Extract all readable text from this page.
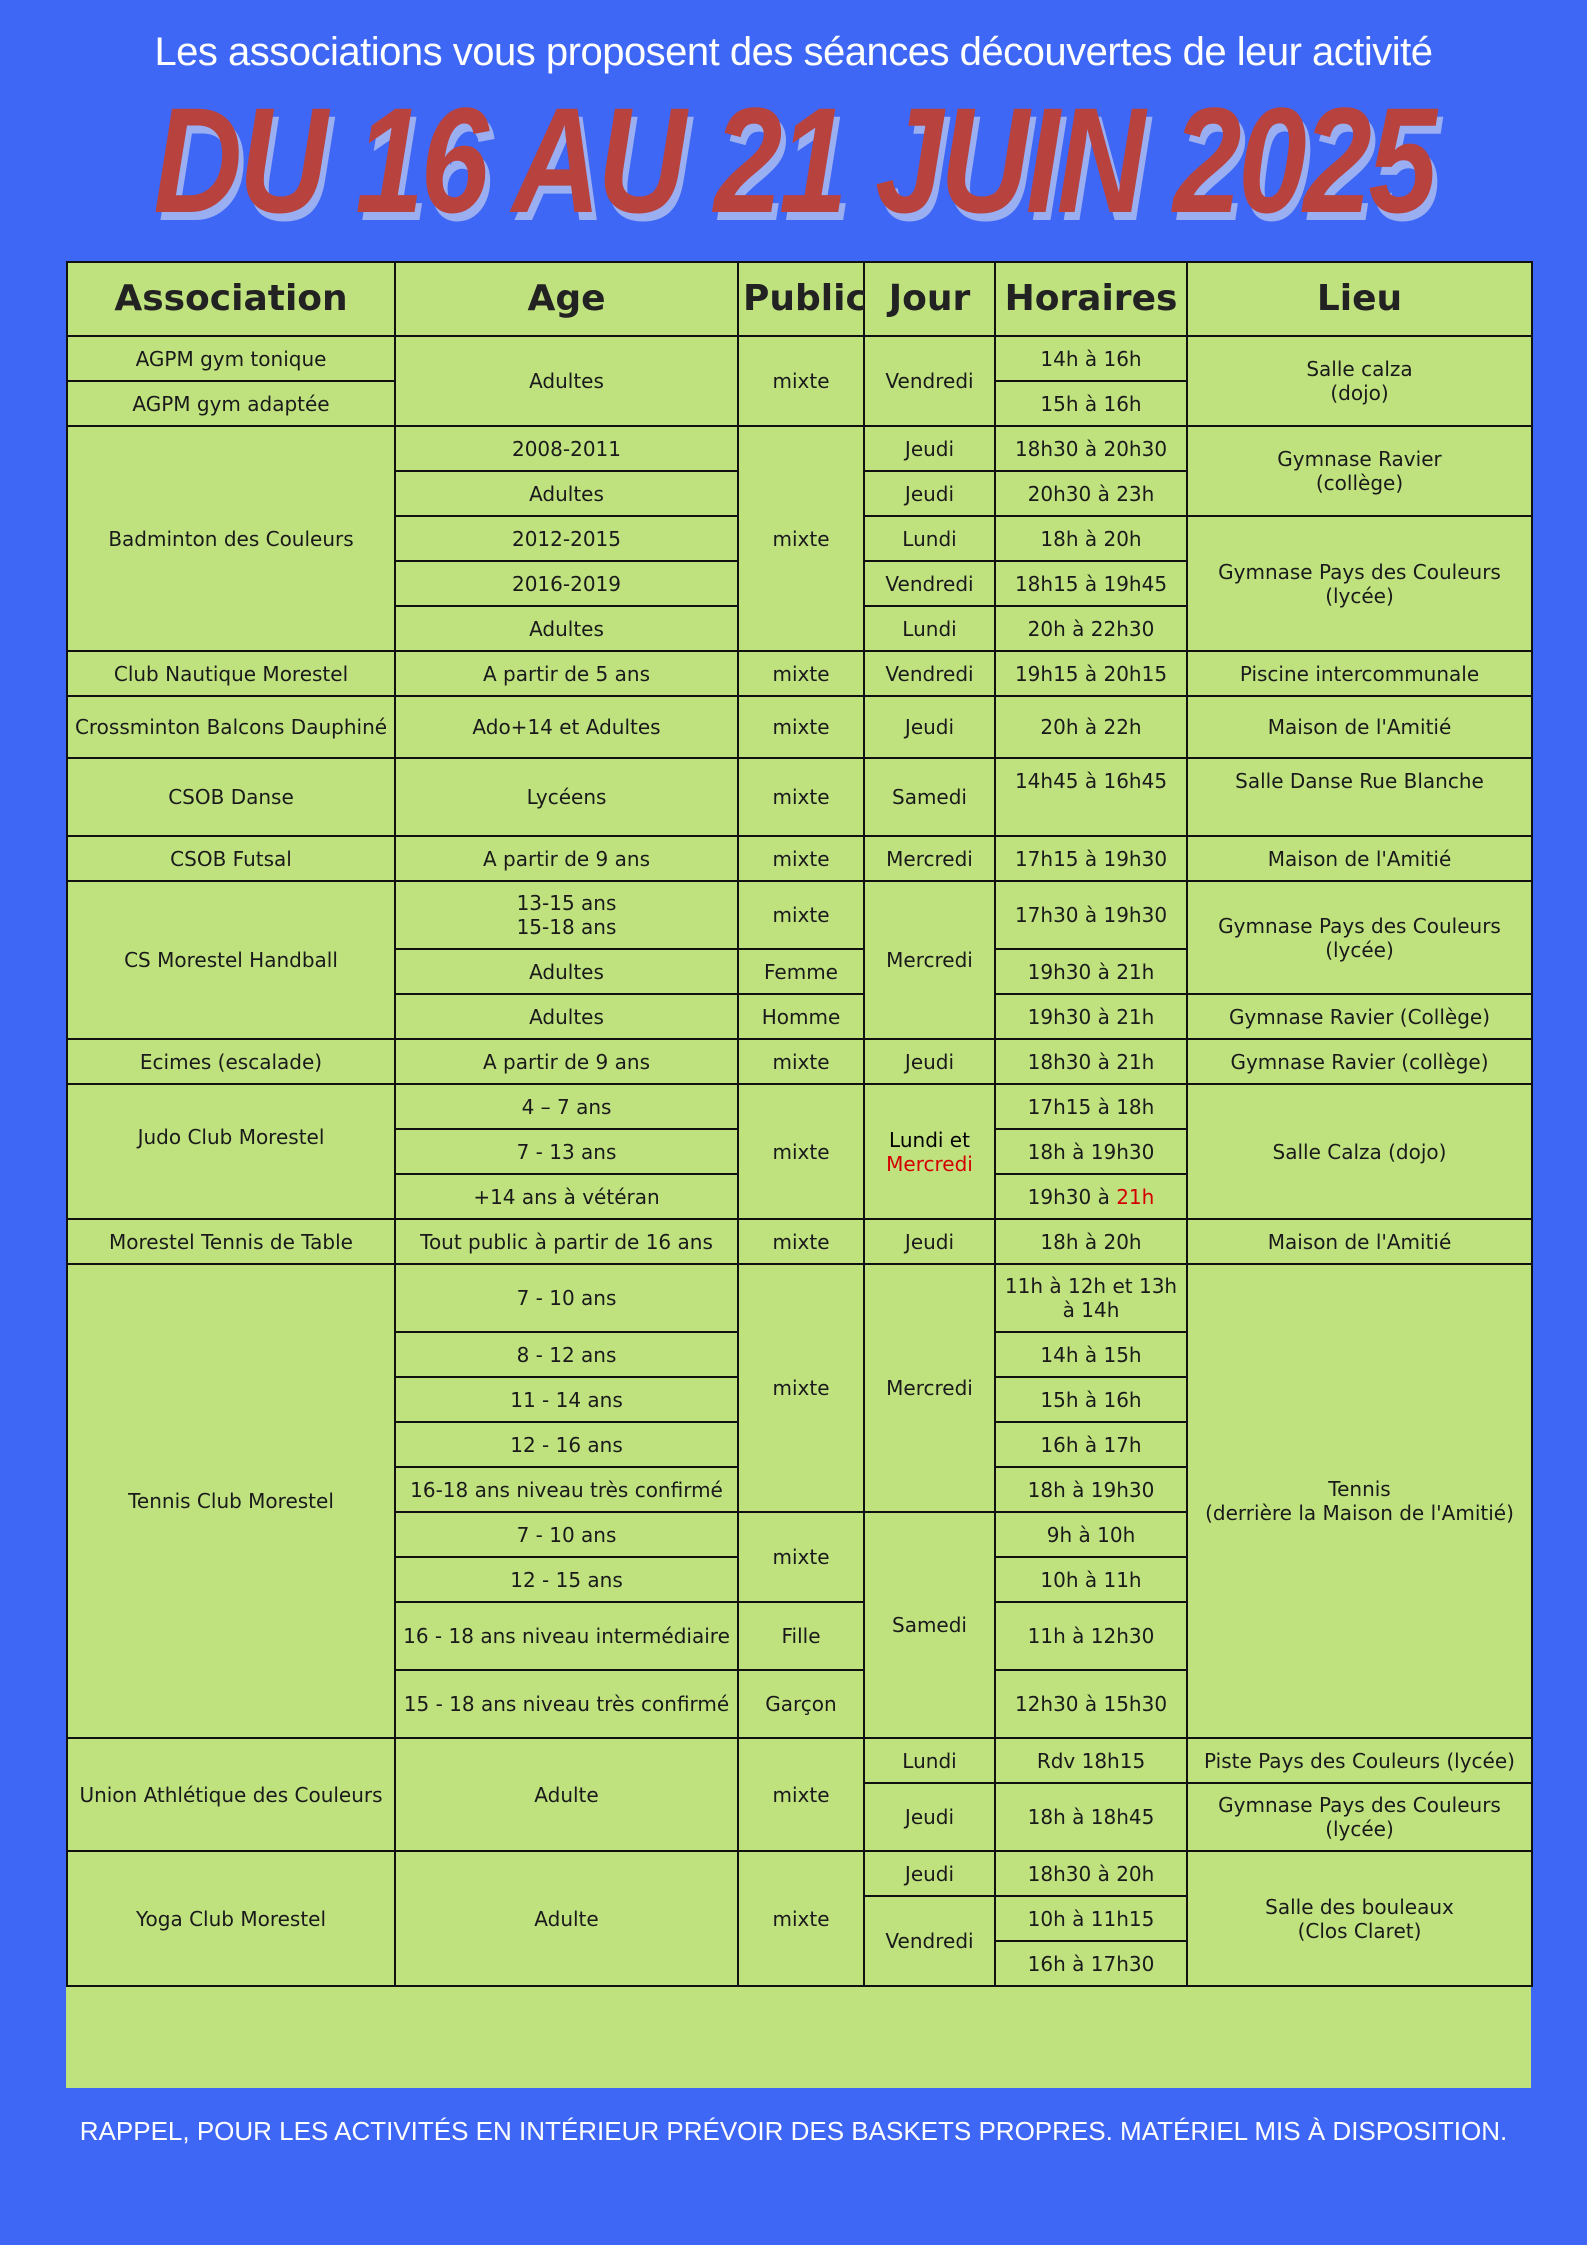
Les associations vous proposent des séances découvertes de leur activité
DU 16 AU 21 JUIN 2025
Association	Age	Public	Jour	Horaires	Lieu
AGPM gym tonique	Adultes	mixte	Vendredi	14h à 16h	Salle calza
(dojo)
AGPM gym adaptée				15h à 16h	
Badminton des Couleurs	2008-2011	mixte	Jeudi	18h30 à 20h30	Gymnase Ravier
(collège)
	Adultes		Jeudi	20h30 à 23h	
	2012-2015		Lundi	18h à 20h	Gymnase Pays des Couleurs
(lycée)
	2016-2019		Vendredi	18h15 à 19h45	
	Adultes		Lundi	20h à 22h30	
Club Nautique Morestel	A partir de 5 ans	mixte	Vendredi	19h15 à 20h15	Piscine intercommunale
Crossminton Balcons Dauphiné	Ado+14 et Adultes	mixte	Jeudi	20h à 22h	Maison de l'Amitié
CSOB Danse	Lycéens	mixte	Samedi	14h45 à 16h45	Salle Danse Rue Blanche
CSOB Futsal	A partir de 9 ans	mixte	Mercredi	17h15 à 19h30	Maison de l'Amitié
CS Morestel Handball	13-15 ans
15-18 ans	mixte	Mercredi	17h30 à 19h30	Gymnase Pays des Couleurs
(lycée)
	Adultes	Femme		19h30 à 21h	
	Adultes	Homme		19h30 à 21h	Gymnase Ravier (Collège)
Ecimes (escalade)	A partir de 9 ans	mixte	Jeudi	18h30 à 21h	Gymnase Ravier (collège)
Judo Club Morestel	4 – 7 ans	mixte	Lundi et
Mercredi	17h15 à 18h	Salle Calza (dojo)
	7 - 13 ans			18h à 19h30	
	+14 ans à vétéran			19h30 à 21h	
Morestel Tennis de Table	Tout public à partir de 16 ans	mixte	Jeudi	18h à 20h	Maison de l'Amitié
Tennis Club Morestel	7 - 10 ans	mixte	Mercredi	11h à 12h et 13h à 14h	Tennis
(derrière la Maison de l'Amitié)
	8 - 12 ans			14h à 15h	
	11 - 14 ans			15h à 16h	
	12 - 16 ans			16h à 17h	
	16-18 ans niveau très confirmé			18h à 19h30	
	7 - 10 ans	mixte	Samedi	9h à 10h	
	12 - 15 ans			10h à 11h	
	16 - 18 ans niveau intermédiaire	Fille		11h à 12h30	
	15 - 18 ans niveau très confirmé	Garçon		12h30 à 15h30	
Union Athlétique des Couleurs	Adulte	mixte	Lundi	Rdv 18h15	Piste Pays des Couleurs (lycée)
			Jeudi	18h à 18h45	Gymnase Pays des Couleurs
(lycée)
Yoga Club Morestel	Adulte	mixte	Jeudi	18h30 à 20h	Salle des bouleaux
(Clos Claret)
			Vendredi	10h à 11h15	
				16h à 17h30	
RAPPEL, POUR LES ACTIVITÉS EN INTÉRIEUR PRÉVOIR DES BASKETS PROPRES. MATÉRIEL MIS À DISPOSITION.
